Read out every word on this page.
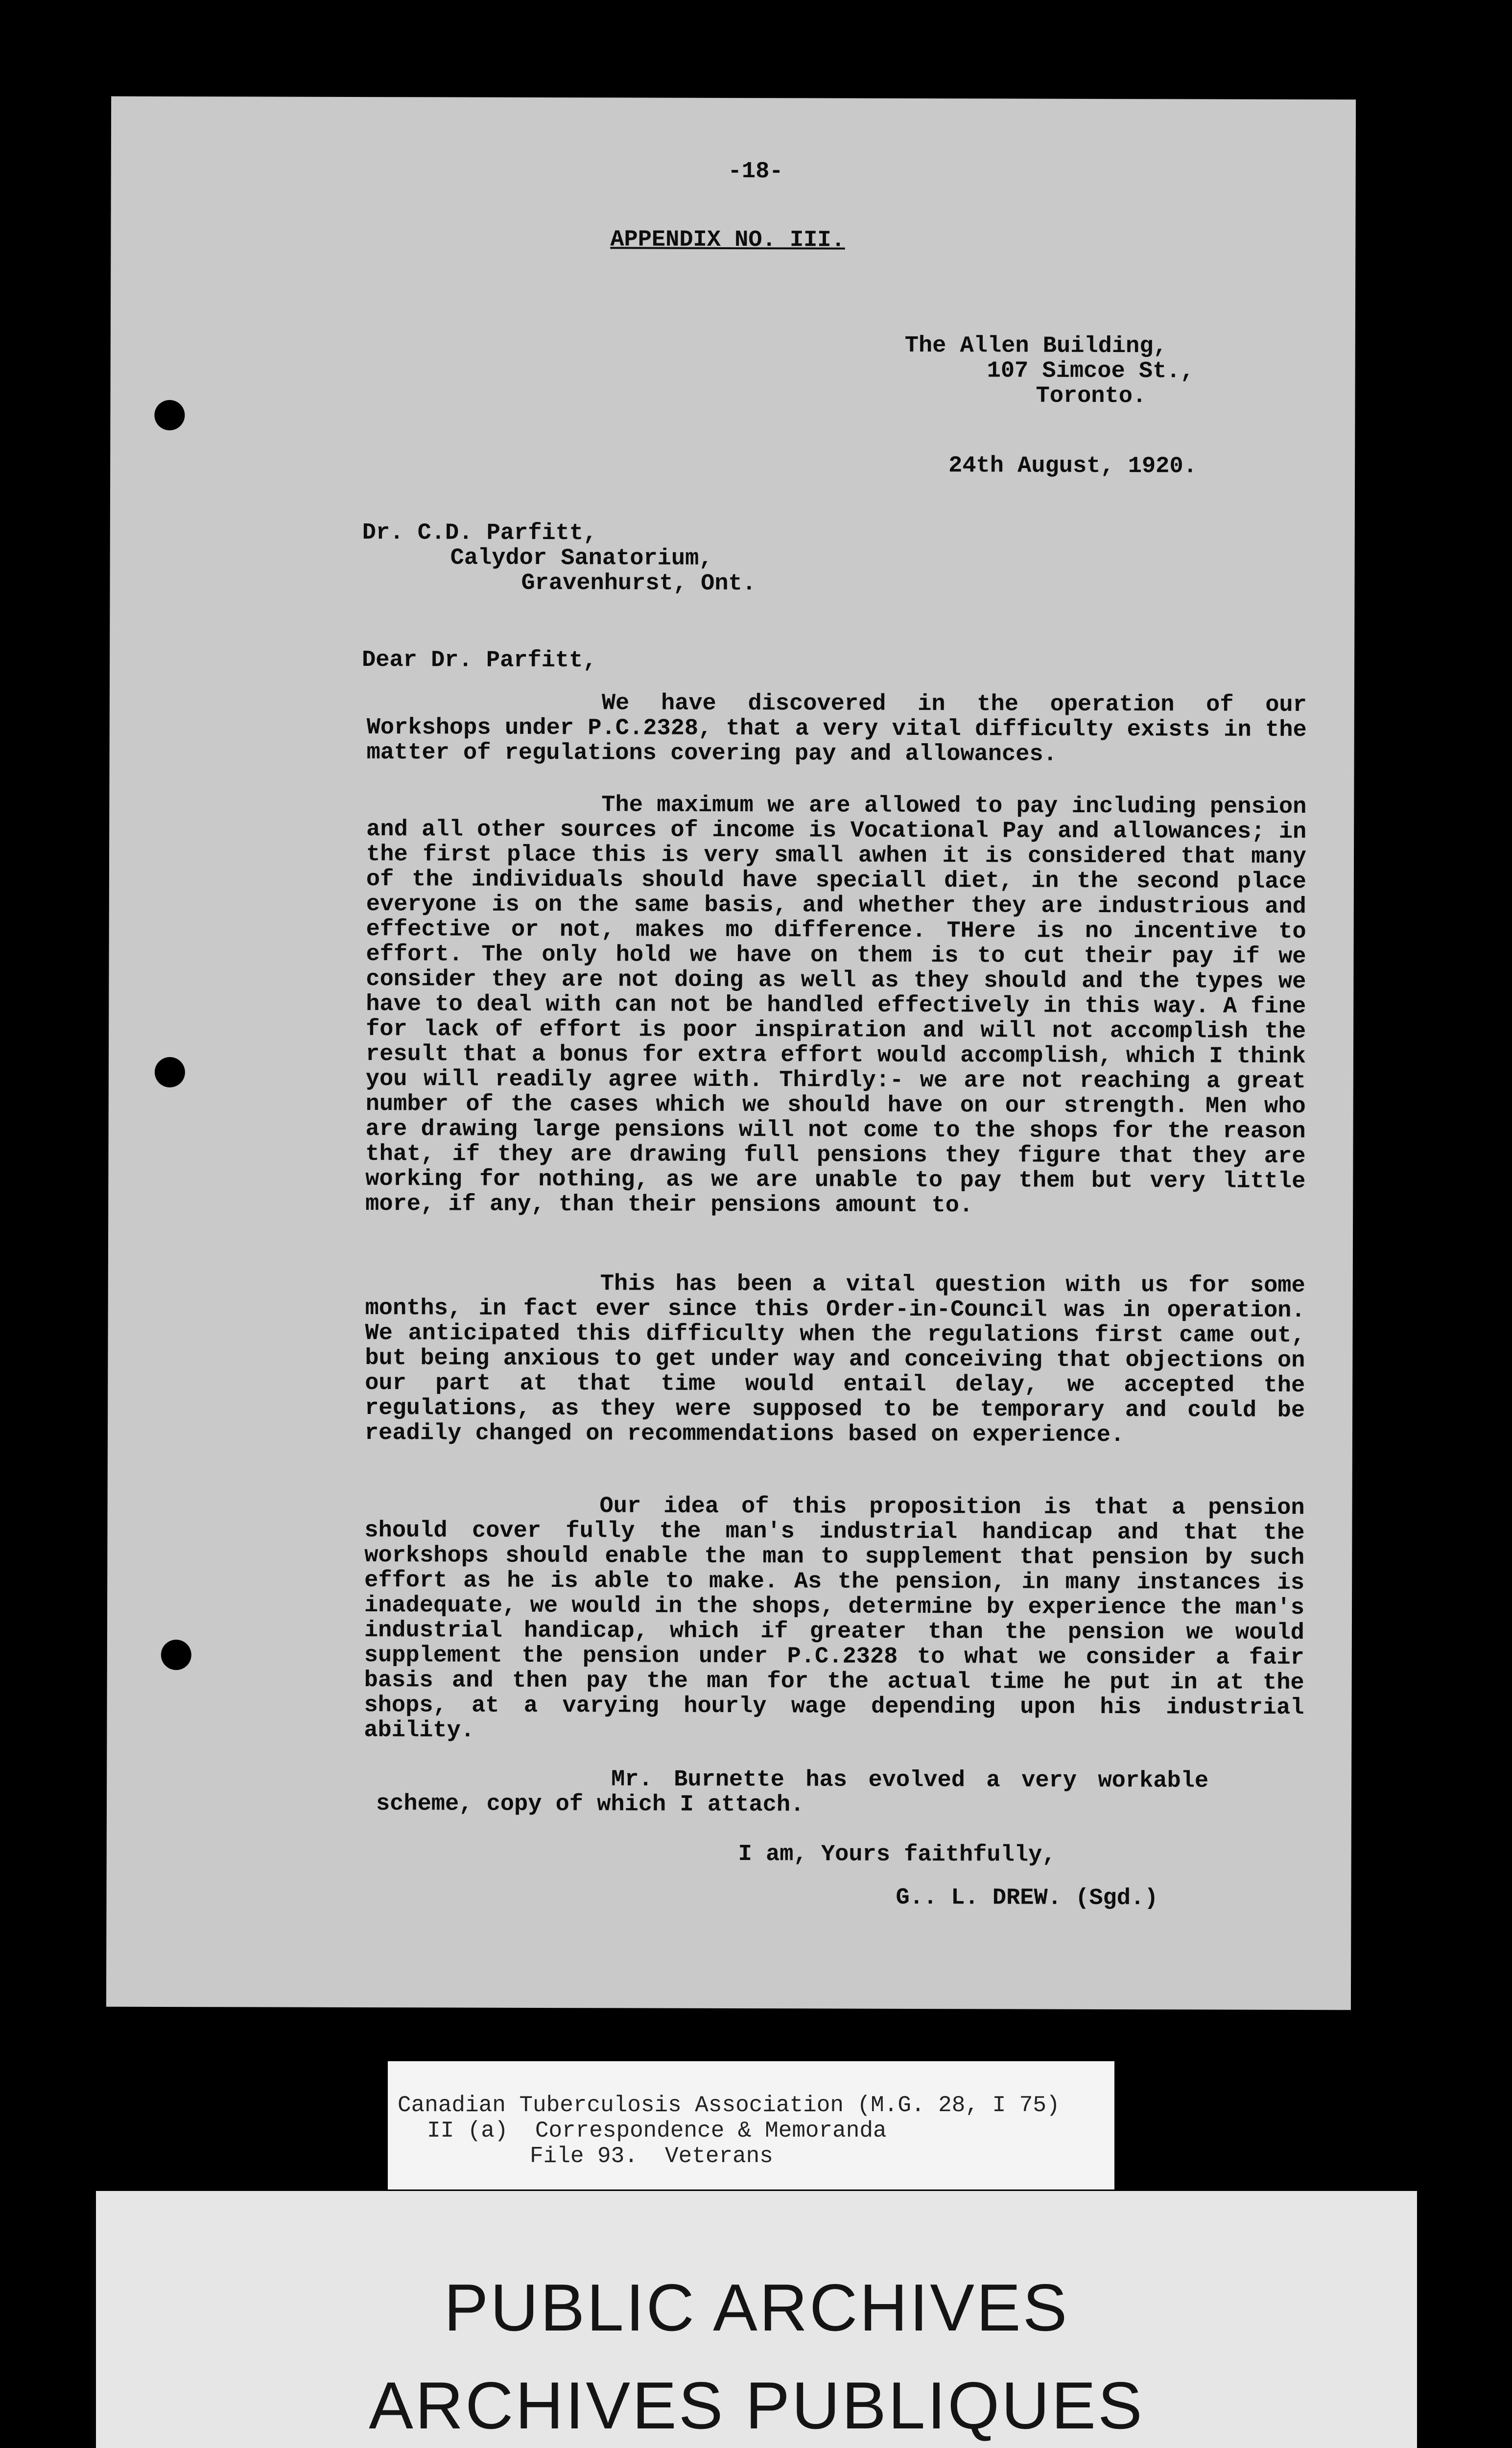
-18-
APPENDIX NO. III.
The Allen Building,
107 Simcoe St.,
Toronto.
24th August, 1920.
Dr. C.D. Parfitt,
Calydor Sanatorium,
Gravenhurst, Ont.
Dear Dr. Parfitt,

We have discovered in the operation of our Workshops under P.C.2328, that a very vital difficulty exists in the matter of regulations covering pay and allowances.

The maximum we are allowed to pay including pension and all other sources of income is Vocational Pay and allowances; in the first place this is very small awhen it is considered that many of the individuals should have speciall diet, in the second place everyone is on the same basis, and whether they are industrious and effective or not, makes mo difference. THere is no incentive to effort. The only hold we have on them is to cut their pay if we consider they are not doing as well as they should and the types we have to deal with can not be handled effectively in this way. A fine for lack of effort is poor inspiration and will not accomplish the result that a bonus for extra effort would accomplish, which I think you will readily agree with. Thirdly:- we are not reaching a great number of the cases which we should have on our strength. Men who are drawing large pensions will not come to the shops for the reason that, if they are drawing full pensions they figure that they are working for nothing, as we are unable to pay them but very little more, if any, than their pensions amount to.

This has been a vital question with us for some months, in fact ever since this Order-in-Council was in operation. We anticipated this difficulty when the regulations first came out, but being anxious to get under way and conceiving that objections on our part at that time would entail delay, we accepted the regulations, as they were supposed to be temporary and could be readily changed on recommendations based on experience.

Our idea of this proposition is that a pension should cover fully the man's industrial handicap and that the workshops should enable the man to supplement that pension by such effort as he is able to make. As the pension, in many instances is inadequate, we would in the shops, determine by experience the man's industrial handicap, which if greater than the pension we would supplement the pension under P.C.2328 to what we consider a fair basis and then pay the man for the actual time he put in at the shops, at a varying hourly wage depending upon his industrial ability.

Mr. Burnette has evolved a very workable scheme, copy of which I attach.

I am, Yours faithfully,
G.. L. DREW. (Sgd.)
Canadian Tuberculosis Association (M.G. 28, I 75)
II (a)  Correspondence & Memoranda
File 93.  Veterans
PUBLIC ARCHIVES
ARCHIVES PUBLIQUES
